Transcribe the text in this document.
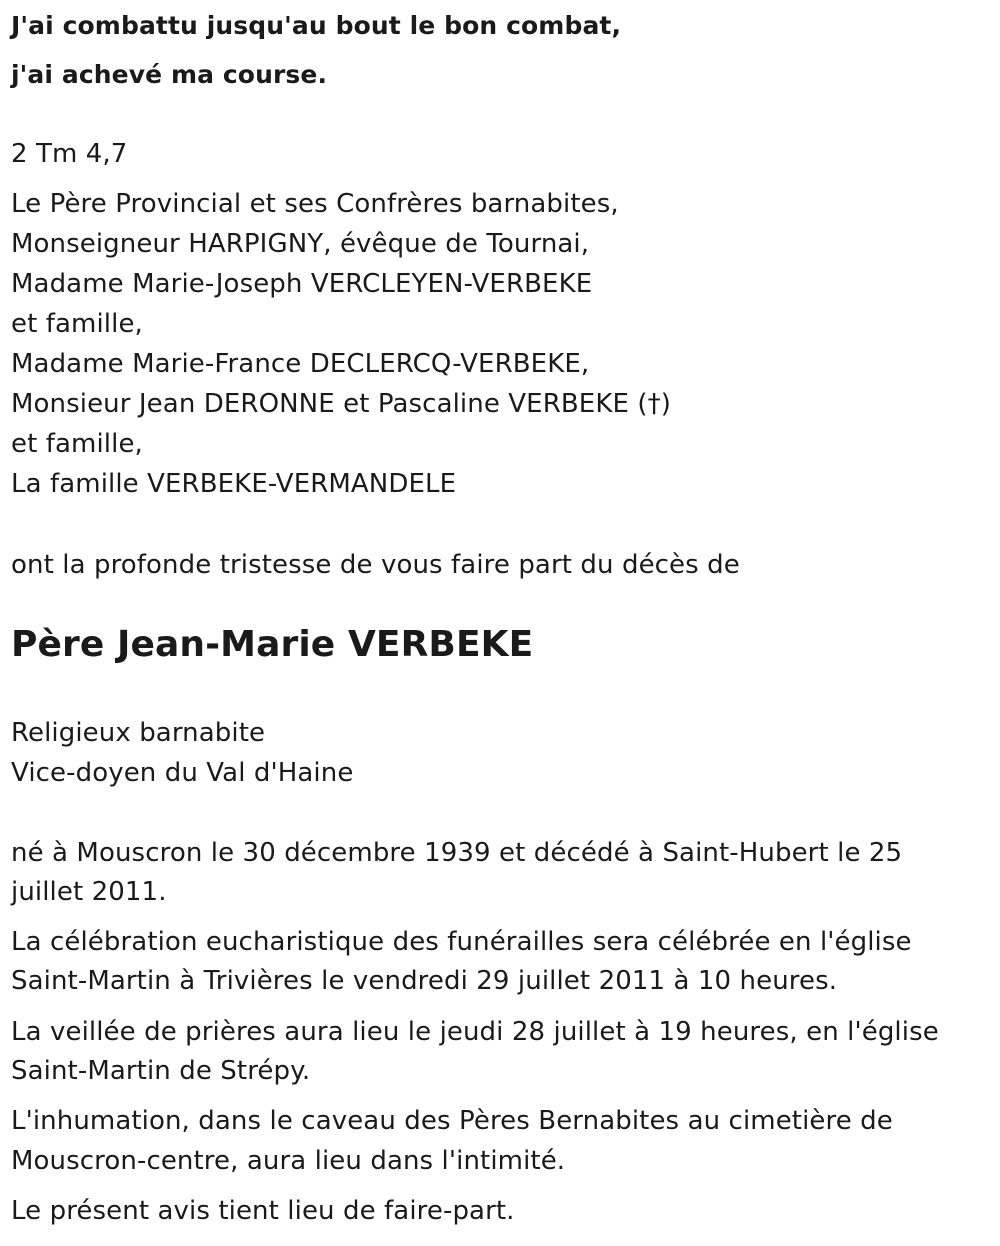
J'ai combattu jusqu'au bout le bon combat,
j'ai achevé ma course.
2 Tm 4,7
Le Père Provincial et ses Confrères barnabites,
Monseigneur HARPIGNY, évêque de Tournai,
Madame Marie-Joseph VERCLEYEN-VERBEKE
et famille,
Madame Marie-France DECLERCQ-VERBEKE,
Monsieur Jean DERONNE et Pascaline VERBEKE (†)
et famille,
La famille VERBEKE-VERMANDELE
ont la profonde tristesse de vous faire part du décès de
Père Jean-Marie VERBEKE
Religieux barnabite
Vice-doyen du Val d'Haine
né à Mouscron le 30 décembre 1939 et décédé à Saint-Hubert le 25
juillet 2011.
La célébration eucharistique des funérailles sera célébrée en l'église
Saint-Martin à Trivières le vendredi 29 juillet 2011 à 10 heures.
La veillée de prières aura lieu le jeudi 28 juillet à 19 heures, en l'église
Saint-Martin de Strépy.
L'inhumation, dans le caveau des Pères Bernabites au cimetière de
Mouscron-centre, aura lieu dans l'intimité.
Le présent avis tient lieu de faire-part.
